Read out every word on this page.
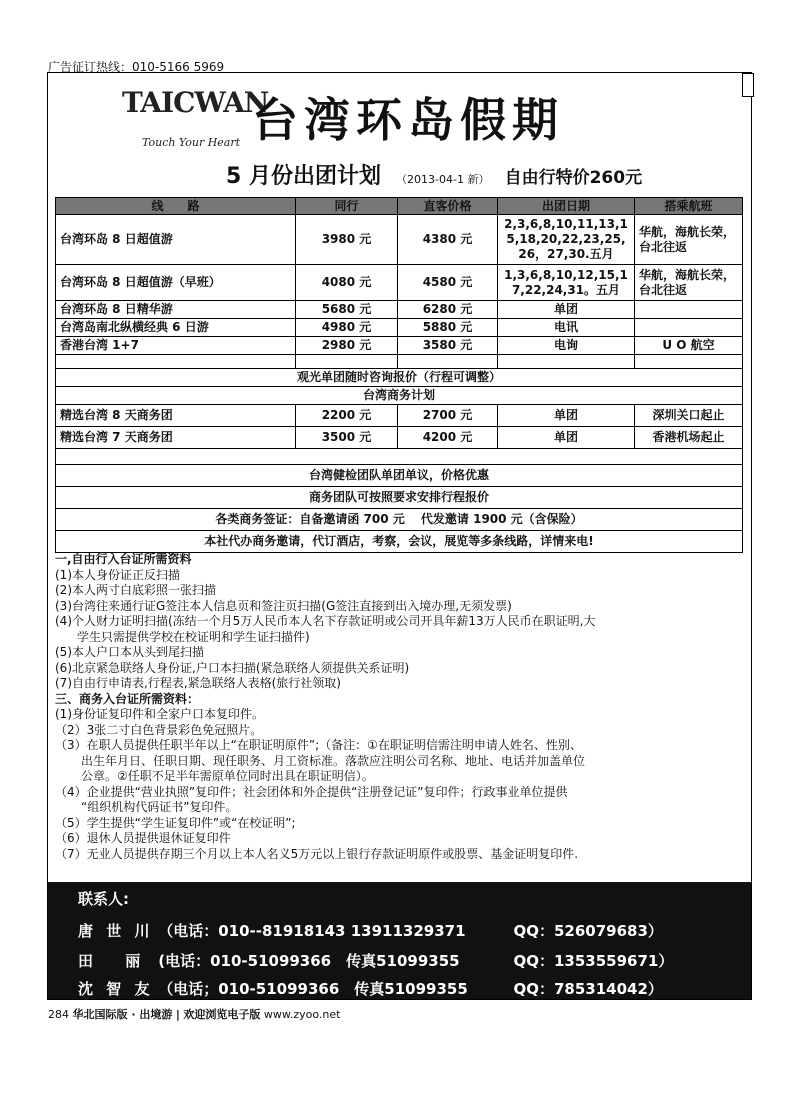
广告征订热线：010-5166 5969
TAICWAN
Touch Your Heart 台湾环岛假期
5 月份出团计划 （2013-04-1 新） 自由行特价260元
线　　路	同行	直客价格	出团日期	搭乘航班
台湾环岛 8 日超值游	3980 元	4380 元	2,3,6,8,10,11,13,1 5,18,20,22,23,25, 26，27,30.五月	华航，海航长荣，台北往返
台湾环岛 8 日超值游（早班）	4080 元	4580 元	1,3,6,8,10,12,15,1 7,22,24,31。五月	华航，海航长荣，台北往返
台湾环岛 8 日精华游	5680 元	6280 元	单团	
台湾岛南北纵横经典 6 日游	4980 元	5880 元	电讯	
香港台湾 1+7	2980 元	3580 元	电询	U O 航空

观光单团随时咨询报价（行程可调整）				
台湾商务计划				
精选台湾 8 天商务团	2200 元	2700 元	单团	深圳关口起止
精选台湾 7 天商务团	3500 元	4200 元	单团	香港机场起止

台湾健检团队单团单议，价格优惠				
商务团队可按照要求安排行程报价				
各类商务签证：自备邀请函 700 元　 代发邀请 1900 元（含保险）				
本社代办商务邀请，代订酒店，考察，会议，展览等多条线路，详情来电!				
一,自由行入台证所需资料
(1)本人身份证正反扫描
(2)本人两寸白底彩照一张扫描
(3)台湾往来通行证G签注本人信息页和签注页扫描(G签注直接到出入境办理,无须发票)
(4)个人财力证明扫描(冻结一个月5万人民币本人名下存款证明或公司开具年薪13万人民币在职证明,大
学生只需提供学校在校证明和学生证扫描件)
(5)本人户口本从头到尾扫描
(6)北京紧急联络人身份证,户口本扫描(紧急联络人须提供关系证明)
(7)自由行申请表,行程表,紧急联络人表格(旅行社领取)
三、商务入台证所需资料：
(1)身份证复印件和全家户口本复印件。
（2）3张二寸白色背景彩色免冠照片。
（3）在职人员提供任职半年以上“在职证明原件”;（备注：①在职证明信需注明申请人姓名、性别、
出生年月日、任职日期、现任职务、月工资标准。落款应注明公司名称、地址、电话并加盖单位
公章。②任职不足半年需原单位同时出具在职证明信）。
（4）企业提供“营业执照”复印件；社会团体和外企提供“注册登记证”复印件；行政事业单位提供
“组织机构代码证书”复印件。
（5）学生提供“学生证复印件”或“在校证明”;
（6）退休人员提供退休证复印件
（7）无业人员提供存期三个月以上本人名义5万元以上银行存款证明原件或股票、基金证明复印件.
联系人:
唐 世 川 （电话：010--81918143 13911329371	QQ：526079683）
田　 丽 (电话：010-51099366　传真51099355	QQ：1353559671）
沈 智 友 （电话；010-51099366　传真51099355	QQ：785314042）
284 华北国际版 · 出境游 | 欢迎浏览电子版 www.zyoo.net
